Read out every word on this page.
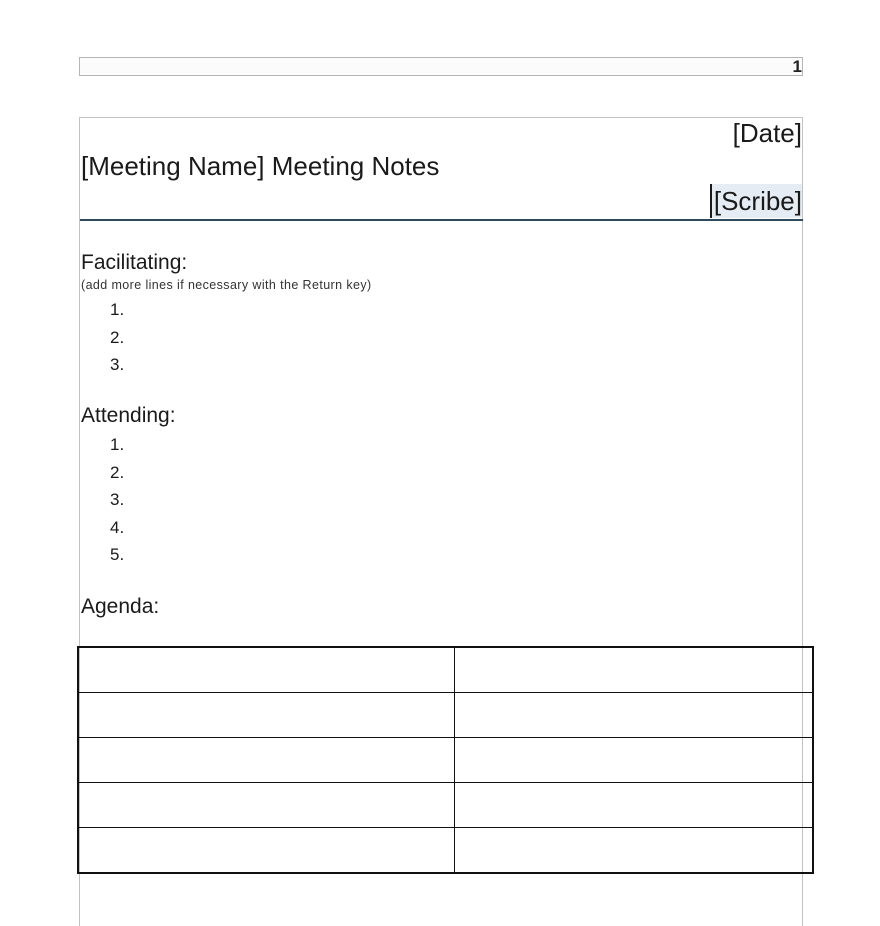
1
[Date]
[Meeting Name] Meeting Notes
[Scribe]
Facilitating:
(add more lines if necessary with the Return key)
1.
2.
3.
Attending:
1.
2.
3.
4.
5.
Agenda:
